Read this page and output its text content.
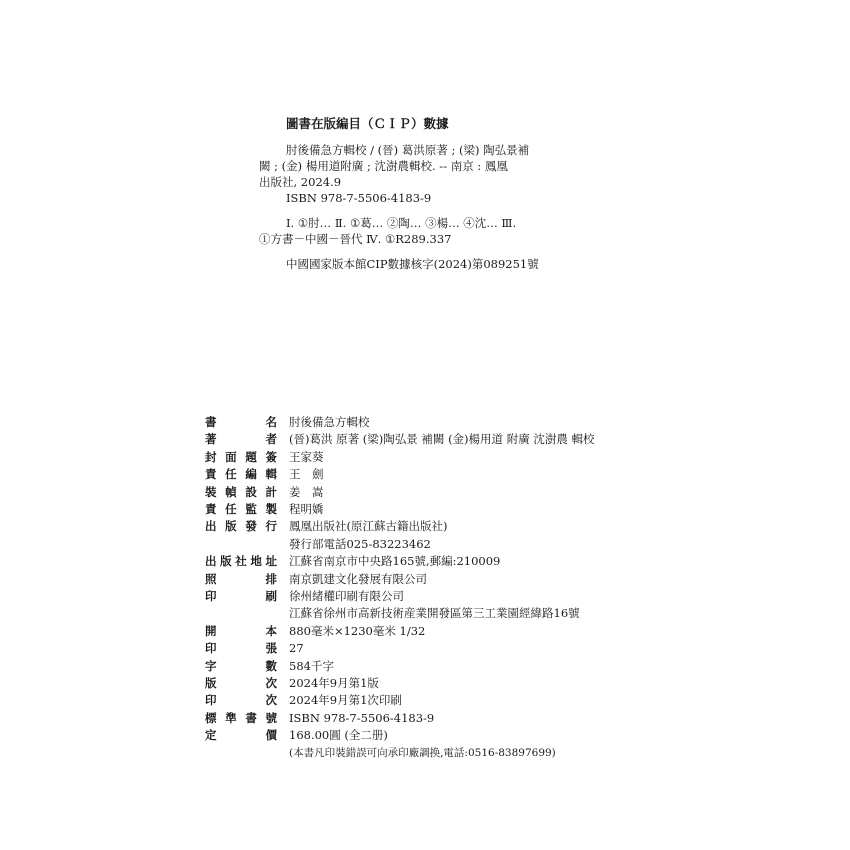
圖書在版編目（ＣＩＰ）數據
肘後備急方輯校 / (晉) 葛洪原著 ; (梁) 陶弘景補
闕 ; (金) 楊用道附廣 ; 沈澍農輯校. -- 南京 : 鳳凰
出版社, 2024.9
ISBN 978-7-5506-4183-9
Ⅰ. ①肘… Ⅱ. ①葛… ②陶… ③楊… ④沈… Ⅲ.
①方書－中國－晉代 Ⅳ. ①R289.337
中國國家版本館CIP數據核字(2024)第089251號
書名 肘後備急方輯校
著者 (晉)葛洪 原著 (梁)陶弘景 補闕 (金)楊用道 附廣 沈澍農 輯校
封面題簽 王家葵
責任編輯 王　劍
裝幀設計 姜　嵩
責任監製 程明嬌
出版發行 鳳凰出版社(原江蘇古籍出版社)
發行部電話025-83223462
出版社地址 江蘇省南京市中央路165號,郵編:210009
照排 南京凱建文化發展有限公司
印刷 徐州緒權印刷有限公司
江蘇省徐州市高新技術産業開發區第三工業園經緯路16號
開本 880毫米×1230毫米 1/32
印張 27
字數 584千字
版次 2024年9月第1版
印次 2024年9月第1次印刷
標準書號 ISBN 978-7-5506-4183-9
定價 168.00圓 (全二册)
(本書凡印裝錯誤可向承印廠調换,電話:0516-83897699)
